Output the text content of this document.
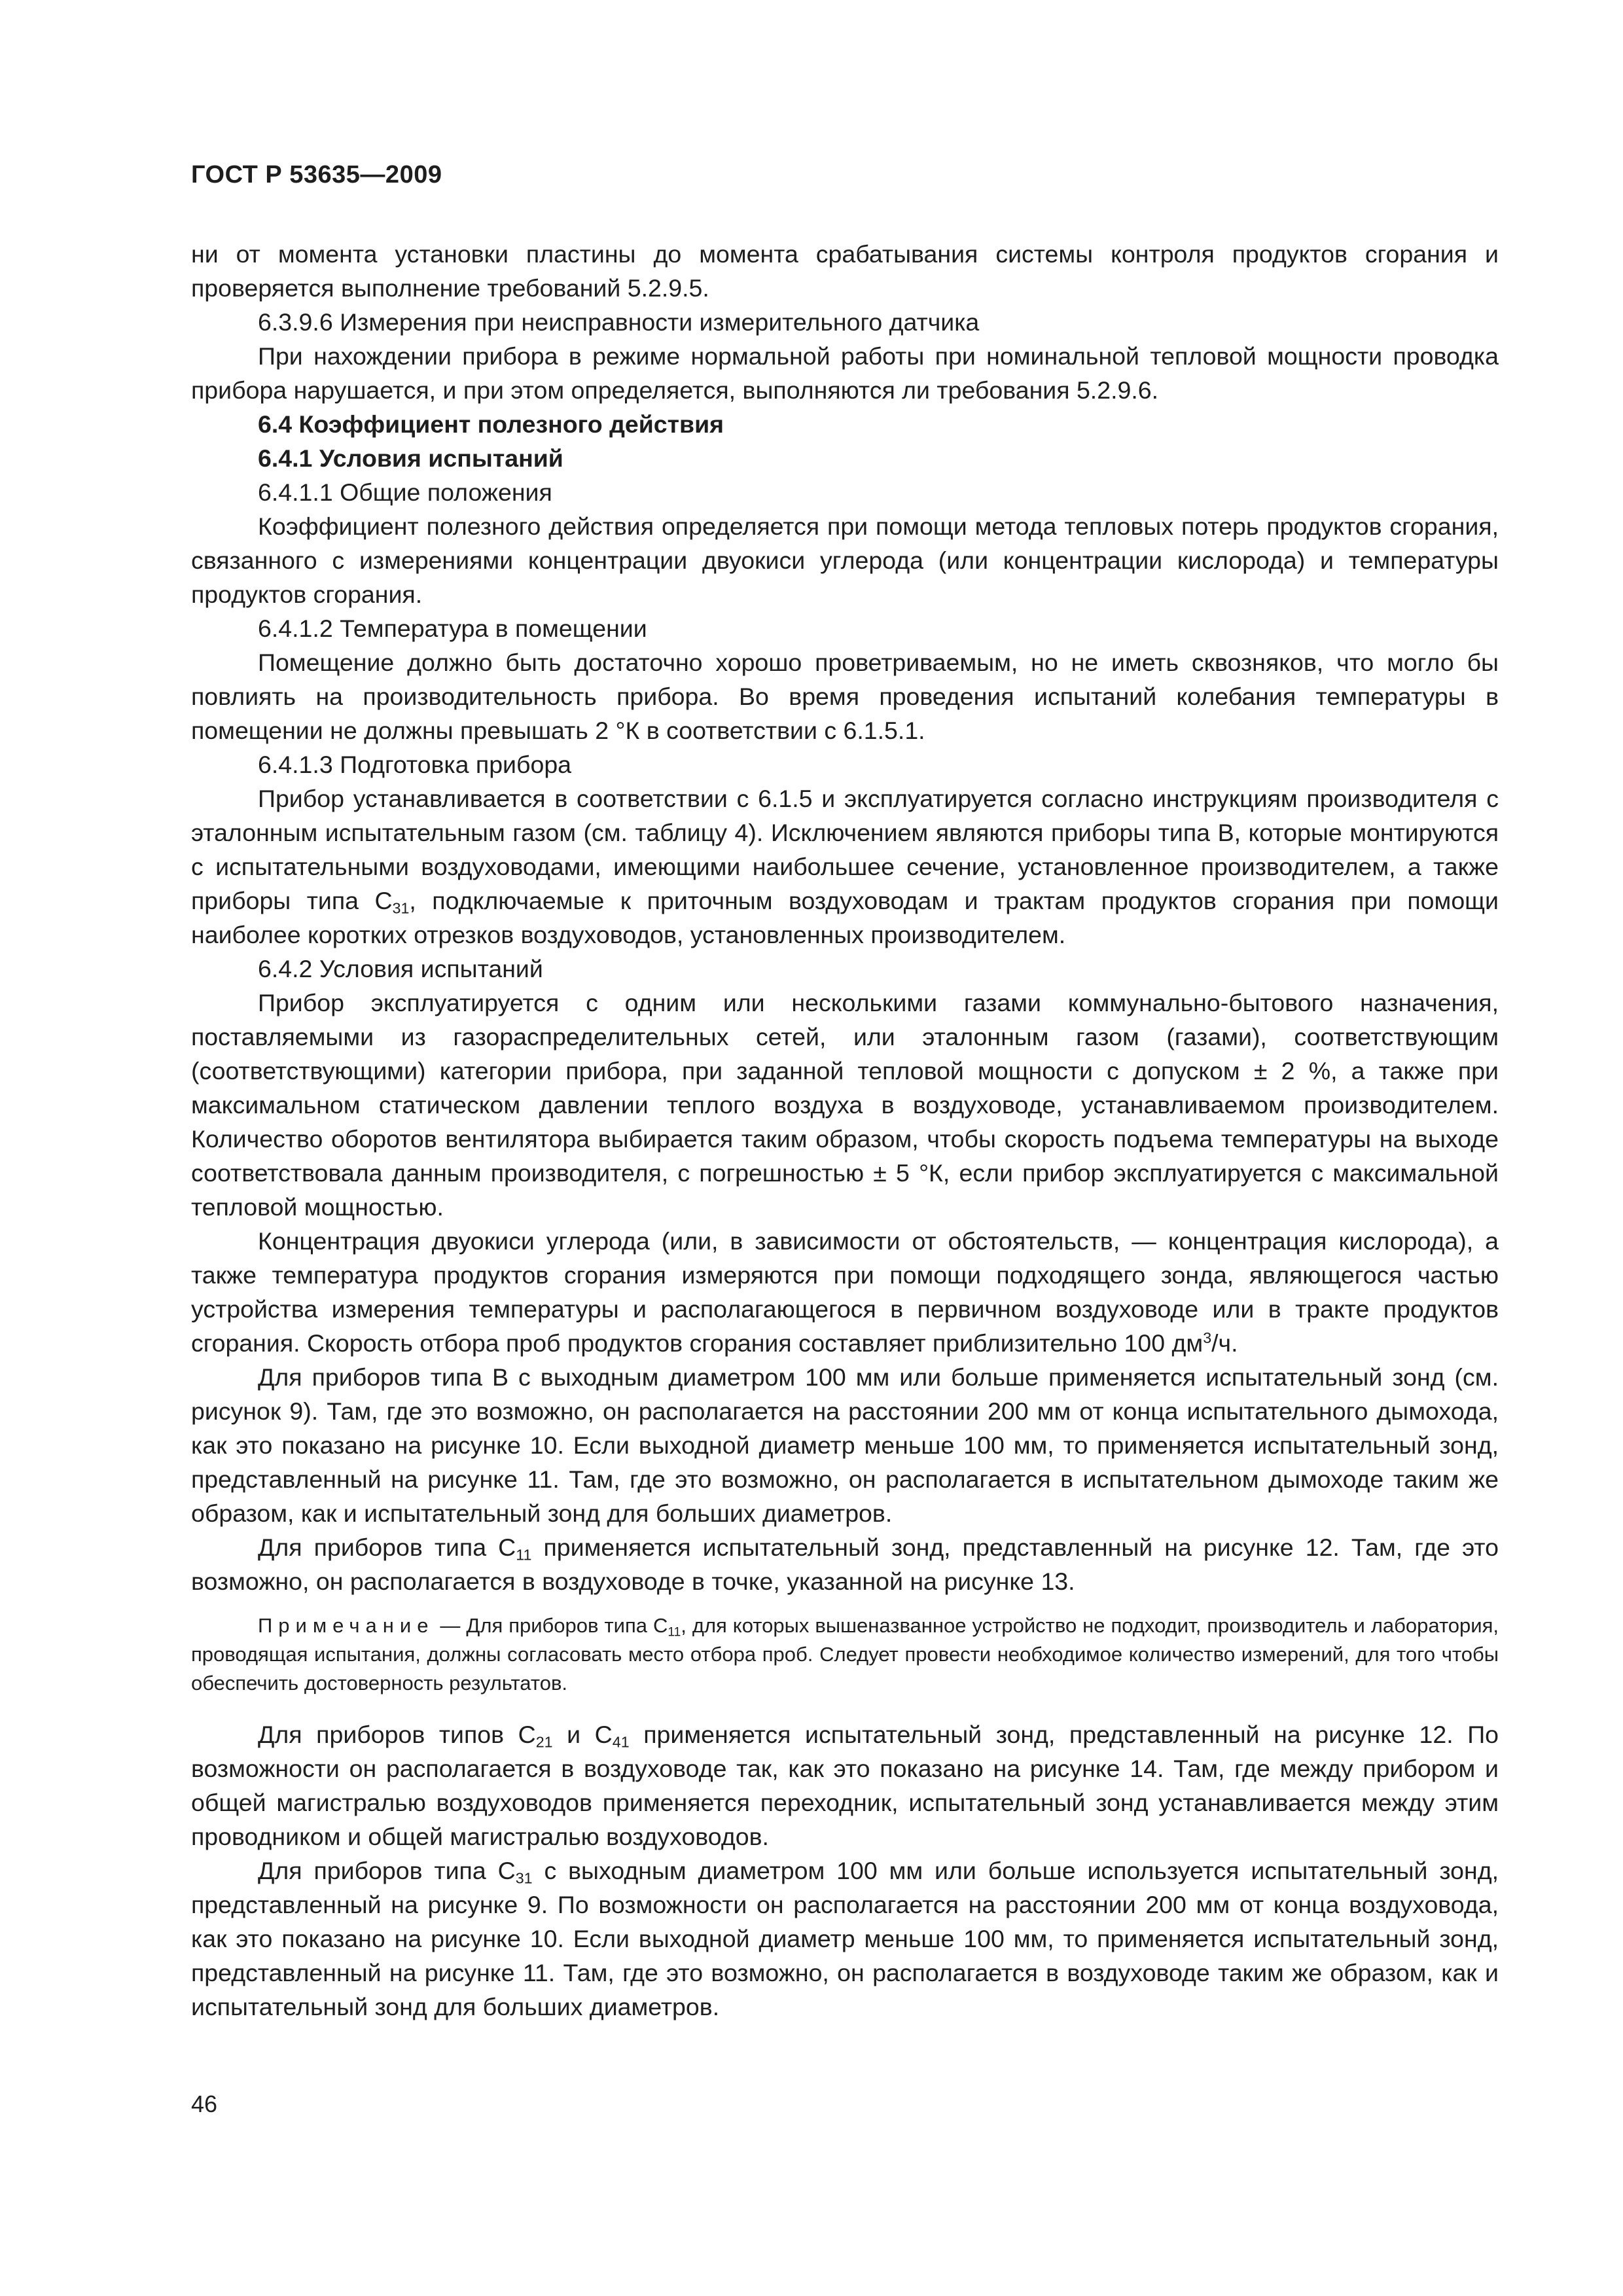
ГОСТ Р 53635—2009

ни от момента установки пластины до момента срабатывания системы контроля продуктов сгорания и проверяется выполнение требований 5.2.9.5.

6.3.9.6 Измерения при неисправности измерительного датчика

При нахождении прибора в режиме нормальной работы при номинальной тепловой мощности проводка прибора нарушается, и при этом определяется, выполняются ли требования 5.2.9.6.

6.4 Коэффициент полезного действия

6.4.1 Условия испытаний

6.4.1.1 Общие положения

Коэффициент полезного действия определяется при помощи метода тепловых потерь продуктов сгорания, связанного с измерениями концентрации двуокиси углерода (или концентрации кислорода) и температуры продуктов сгорания.

6.4.1.2 Температура в помещении

Помещение должно быть достаточно хорошо проветриваемым, но не иметь сквозняков, что могло бы повлиять на производительность прибора. Во время проведения испытаний колебания температуры в помещении не должны превышать 2 °К в соответствии с 6.1.5.1.

6.4.1.3 Подготовка прибора

Прибор устанавливается в соответствии с 6.1.5 и эксплуатируется согласно инструкциям производителя с эталонным испытательным газом (см. таблицу 4). Исключением являются приборы типа В, которые монтируются с испытательными воздуховодами, имеющими наибольшее сечение, установленное производителем, а также приборы типа $С_{31}$, подключаемые к приточным воздуховодам и трактам продуктов сгорания при помощи наиболее коротких отрезков воздуховодов, установленных производителем.

6.4.2 Условия испытаний

Прибор эксплуатируется с одним или несколькими газами коммунально-бытового назначения, поставляемыми из газораспределительных сетей, или эталонным газом (газами), соответствующим (соответствующими) категории прибора, при заданной тепловой мощности с допуском ± 2 %, а также при максимальном статическом давлении теплого воздуха в воздуховоде, устанавливаемом производителем. Количество оборотов вентилятора выбирается таким образом, чтобы скорость подъема температуры на выходе соответствовала данным производителя, с погрешностью ± 5 °К, если прибор эксплуатируется с максимальной тепловой мощностью.

Концентрация двуокиси углерода (или, в зависимости от обстоятельств, — концентрация кислорода), а также температура продуктов сгорания измеряются при помощи подходящего зонда, являющегося частью устройства измерения температуры и располагающегося в первичном воздуховоде или в тракте продуктов сгорания. Скорость отбора проб продуктов сгорания составляет приблизительно 100 $дм^3/ч$.

Для приборов типа В с выходным диаметром 100 мм или больше применяется испытательный зонд (см. рисунок 9). Там, где это возможно, он располагается на расстоянии 200 мм от конца испытательного дымохода, как это показано на рисунке 10. Если выходной диаметр меньше 100 мм, то применяется испытательный зонд, представленный на рисунке 11. Там, где это возможно, он располагается в испытательном дымоходе таким же образом, как и испытательный зонд для больших диаметров.

Для приборов типа $С_{11}$ применяется испытательный зонд, представленный на рисунке 12. Там, где это возможно, он располагается в воздуховоде в точке, указанной на рисунке 13.

Примечание — Для приборов типа $С_{11}$, для которых вышеназванное устройство не подходит, производитель и лаборатория, проводящая испытания, должны согласовать место отбора проб. Следует провести необходимое количество измерений, для того чтобы обеспечить достоверность результатов.

Для приборов типов $С_{21}$ и $С_{41}$ применяется испытательный зонд, представленный на рисунке 12. По возможности он располагается в воздуховоде так, как это показано на рисунке 14. Там, где между прибором и общей магистралью воздуховодов применяется переходник, испытательный зонд устанавливается между этим проводником и общей магистралью воздуховодов.

Для приборов типа $С_{31}$ с выходным диаметром 100 мм или больше используется испытательный зонд, представленный на рисунке 9. По возможности он располагается на расстоянии 200 мм от конца воздуховода, как это показано на рисунке 10. Если выходной диаметр меньше 100 мм, то применяется испытательный зонд, представленный на рисунке 11. Там, где это возможно, он располагается в воздуховоде таким же образом, как и испытательный зонд для больших диаметров.

46
